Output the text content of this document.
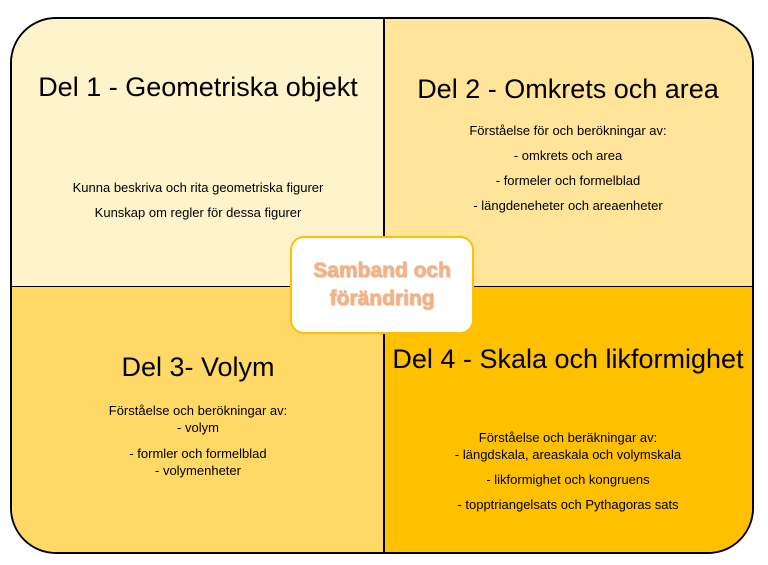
Del 1 - Geometriska objekt

Kunna beskriva och rita geometriska figurer

Kunskap om regler för dessa figurer

Del 2 - Omkrets och area

Förståelse för och berökningar av:

- omkrets och area

- formeler och formelblad

- längdeneheter och areaenheter

Del 3- Volym

Förståelse och berökningar av:

- volym

- formler och formelblad

- volymenheter

Del 4 - Skala och likformighet

Förståelse och beräkningar av:

- längdskala, areaskala och volymskala

- likformighet och kongruens

- topptriangelsats och Pythagoras sats

Samband och förändring
